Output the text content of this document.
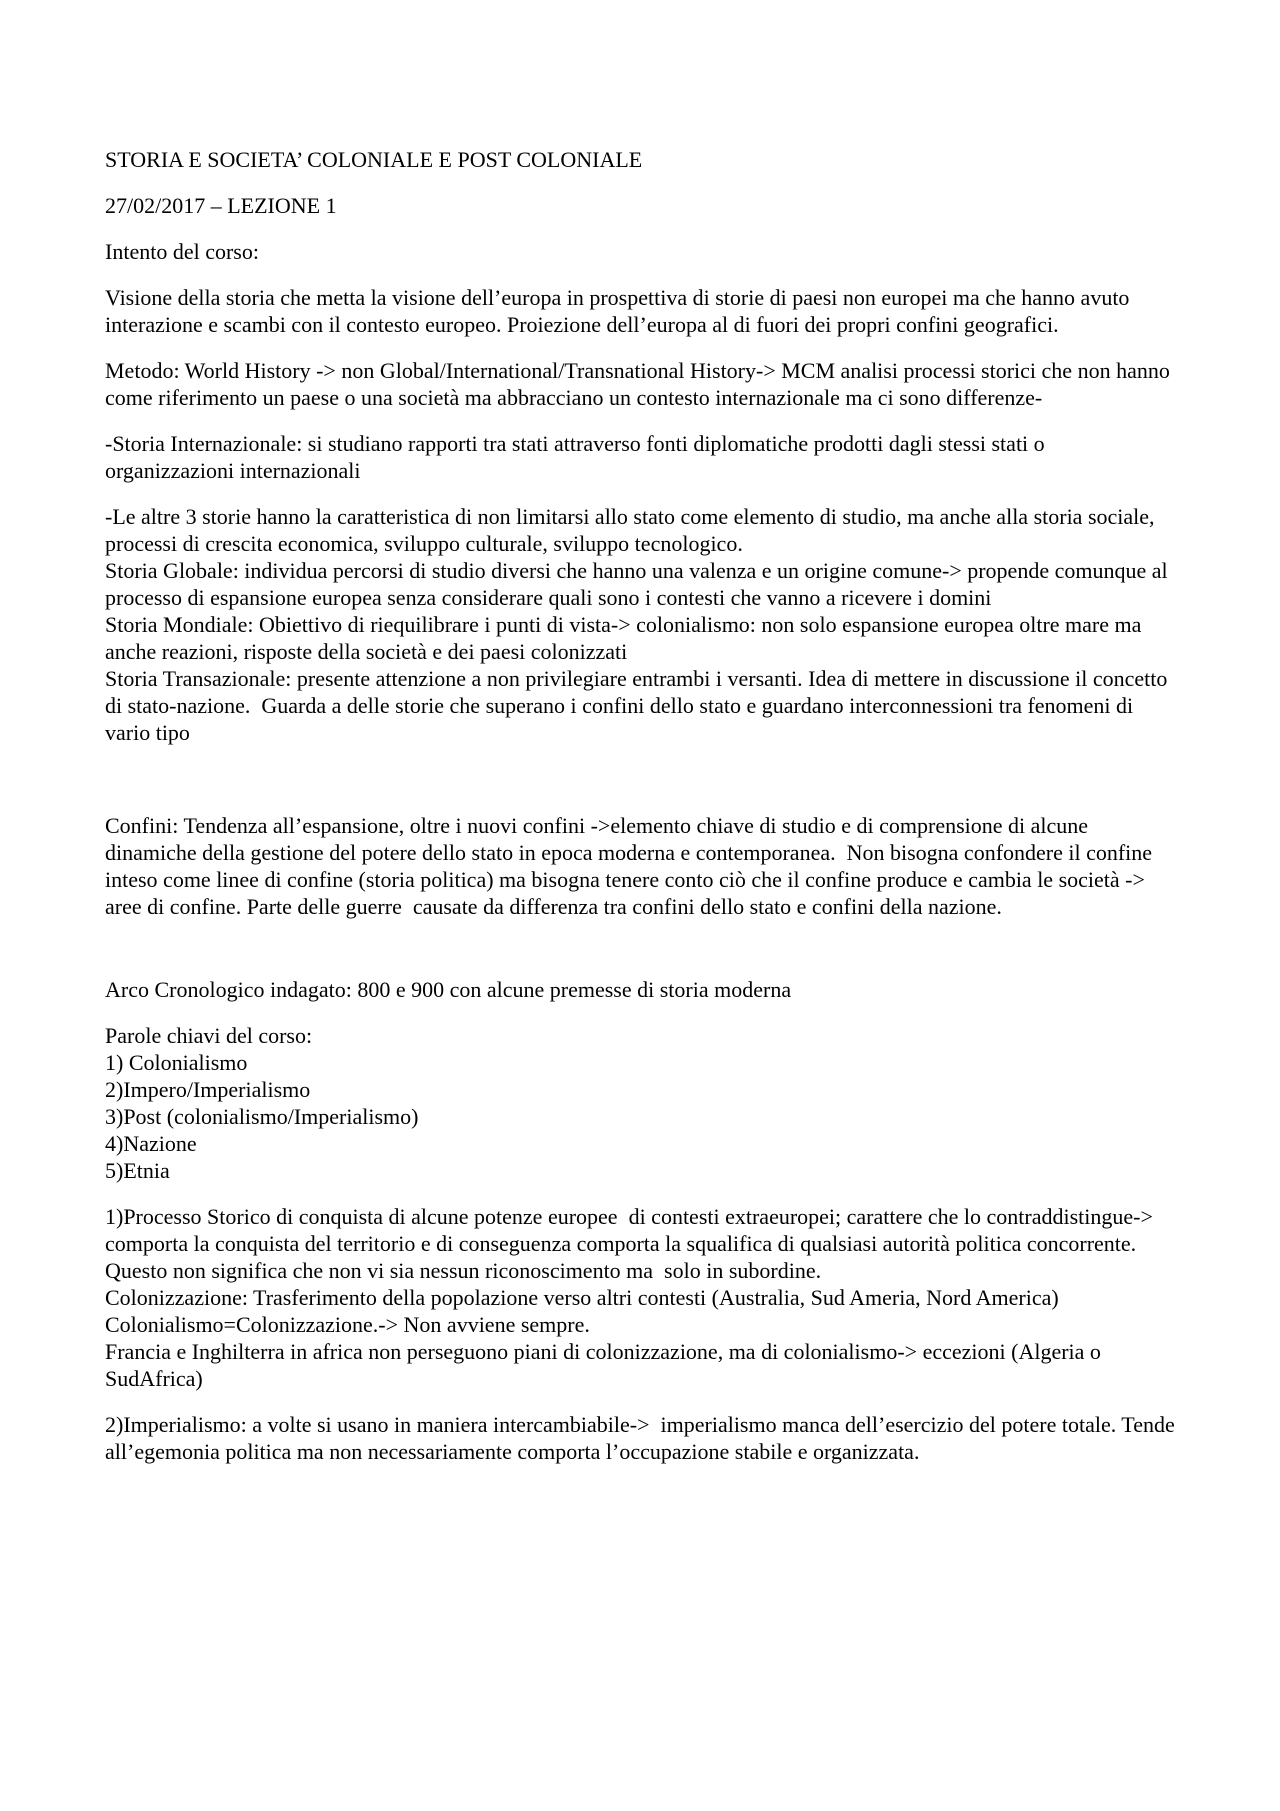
STORIA E SOCIETA’ COLONIALE E POST COLONIALE

27/02/2017 – LEZIONE 1

Intento del corso:

Visione della storia che metta la visione dell’europa in prospettiva di storie di paesi non europei ma che hanno avuto interazione e scambi con il contesto europeo. Proiezione dell’europa al di fuori dei propri confini geografici.

Metodo: World History -> non Global/International/Transnational History-> MCM analisi processi storici che non hanno come riferimento un paese o una società ma abbracciano un contesto internazionale ma ci sono differenze-

-Storia Internazionale: si studiano rapporti tra stati attraverso fonti diplomatiche prodotti dagli stessi stati o organizzazioni internazionali

-Le altre 3 storie hanno la caratteristica di non limitarsi allo stato come elemento di studio, ma anche alla storia sociale, processi di crescita economica, sviluppo culturale, sviluppo tecnologico.

Storia Globale: individua percorsi di studio diversi che hanno una valenza e un origine comune-> propende comunque al processo di espansione europea senza considerare quali sono i contesti che vanno a ricevere i domini

Storia Mondiale: Obiettivo di riequilibrare i punti di vista-> colonialismo: non solo espansione europea oltre mare ma anche reazioni, risposte della società e dei paesi colonizzati

Storia Transazionale: presente attenzione a non privilegiare entrambi i versanti. Idea di mettere in discussione il concetto di stato-nazione.  Guarda a delle storie che superano i confini dello stato e guardano interconnessioni tra fenomeni di vario tipo

Confini: Tendenza all’espansione, oltre i nuovi confini ->elemento chiave di studio e di comprensione di alcune dinamiche della gestione del potere dello stato in epoca moderna e contemporanea.  Non bisogna confondere il confine inteso come linee di confine (storia politica) ma bisogna tenere conto ciò che il confine produce e cambia le società -> aree di confine. Parte delle guerre  causate da differenza tra confini dello stato e confini della nazione.

Arco Cronologico indagato: 800 e 900 con alcune premesse di storia moderna

Parole chiavi del corso:

1) Colonialismo

2)Impero/Imperialismo

3)Post (colonialismo/Imperialismo)

4)Nazione

5)Etnia

1)Processo Storico di conquista di alcune potenze europee  di contesti extraeuropei; carattere che lo contraddistingue-> comporta la conquista del territorio e di conseguenza comporta la squalifica di qualsiasi autorità politica concorrente. Questo non significa che non vi sia nessun riconoscimento ma  solo in subordine.

Colonizzazione: Trasferimento della popolazione verso altri contesti (Australia, Sud Ameria, Nord America)

Colonialismo=Colonizzazione.-> Non avviene sempre.

Francia e Inghilterra in africa non perseguono piani di colonizzazione, ma di colonialismo-> eccezioni (Algeria o SudAfrica)

2)Imperialismo: a volte si usano in maniera intercambiabile->  imperialismo manca dell’esercizio del potere totale. Tende all’egemonia politica ma non necessariamente comporta l’occupazione stabile e organizzata.
